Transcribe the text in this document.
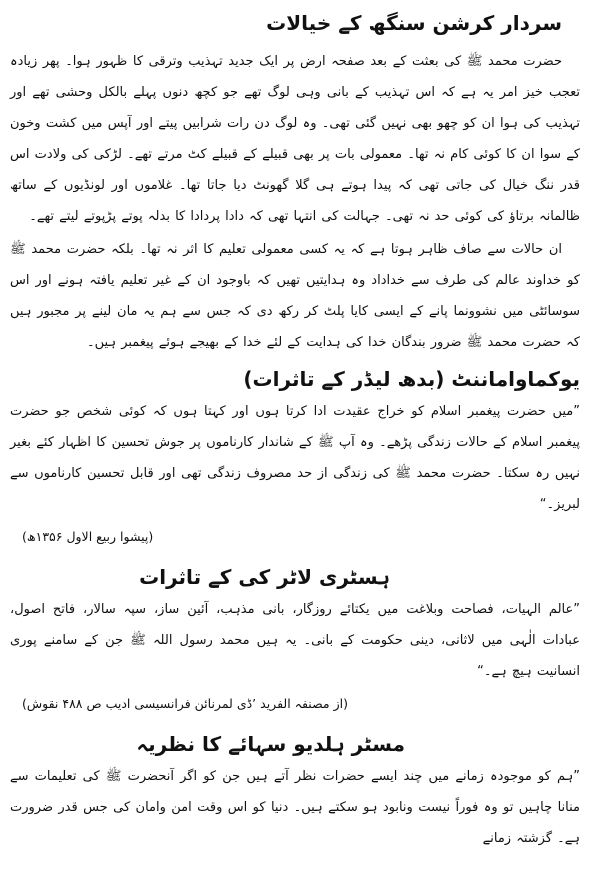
سردار کرشن سنگھ کے خیالات

حضرت محمد ﷺ کی بعثت کے بعد صفحہ ارض پر ایک جدید تہذیب وترقی کا ظہور ہوا۔ پھر زیادہ تعجب خیز امر یہ ہے کہ اس تہذیب کے بانی وہی لوگ تھے جو کچھ دنوں پہلے بالکل وحشی تھے اور تہذیب کی ہوا ان کو چھو بھی نہیں گئی تھی۔ وہ لوگ دن رات شرابیں پیتے اور آپس میں کشت وخون کے سوا ان کا کوئی کام نہ تھا۔ معمولی بات پر بھی قبیلے کے قبیلے کٹ مرتے تھے۔ لڑکی کی ولادت اس قدر ننگ خیال کی جاتی تھی کہ پیدا ہوتے ہی گلا گھونٹ دیا جاتا تھا۔ غلاموں اور لونڈیوں کے ساتھ ظالمانہ برتاؤ کی کوئی حد نہ تھی۔ جہالت کی انتہا تھی کہ دادا پردادا کا بدلہ پوتے پڑپوتے لیتے تھے۔

ان حالات سے صاف ظاہر ہوتا ہے کہ یہ کسی معمولی تعلیم کا اثر نہ تھا۔ بلکہ حضرت محمد ﷺ کو خداوند عالم کی طرف سے خداداد وہ ہدایتیں تھیں کہ باوجود ان کے غیر تعلیم یافتہ ہونے اور اس سوسائٹی میں نشوونما پانے کے ایسی کایا پلٹ کر رکھ دی کہ جس سے ہم یہ مان لینے پر مجبور ہیں کہ حضرت محمد ﷺ ضرور بندگان خدا کی ہدایت کے لئے خدا کے بھیجے ہوئے پیغمبر ہیں۔

یوکماواماننٹ (بدھ لیڈر کے تاثرات)

”میں حضرت پیغمبر اسلام کو خراج عقیدت ادا کرتا ہوں اور کہتا ہوں کہ کوئی شخص جو حضرت پیغمبر اسلام کے حالات زندگی پڑھے۔ وہ آپ ﷺ کے شاندار کارناموں پر جوش تحسین کا اظہار کئے بغیر نہیں رہ سکتا۔ حضرت محمد ﷺ کی زندگی از حد مصروف زندگی تھی اور قابل تحسین کارناموں سے لبریز۔“

(پیشوا ربیع الاول ۱۳۵۶ھ)

ہسٹری لاٹر کی کے تاثرات

”عالم الہیات، فصاحت وبلاغت میں یکتائے روزگار، بانی مذہب، آئین ساز، سپہ سالار، فاتح اصول، عبادات الٰہی میں لاثانی، دینی حکومت کے بانی۔ یہ ہیں محمد رسول اللہ ﷺ جن کے سامنے پوری انسانیت ہیچ ہے۔“

(از مصنفہ الفرید ’ڈی لمرنائن فرانسیسی ادیب ص ۴۸۸ نقوش)

مسٹر ہلدیو سہائے کا نظریہ

”ہم کو موجودہ زمانے میں چند ایسے حضرات نظر آتے ہیں جن کو اگر آنحضرت ﷺ کی تعلیمات سے منانا چاہیں تو وہ فوراً نیست ونابود ہو سکتے ہیں۔ دنیا کو اس وقت امن وامان کی جس قدر ضرورت ہے۔ گزشتہ زمانے
